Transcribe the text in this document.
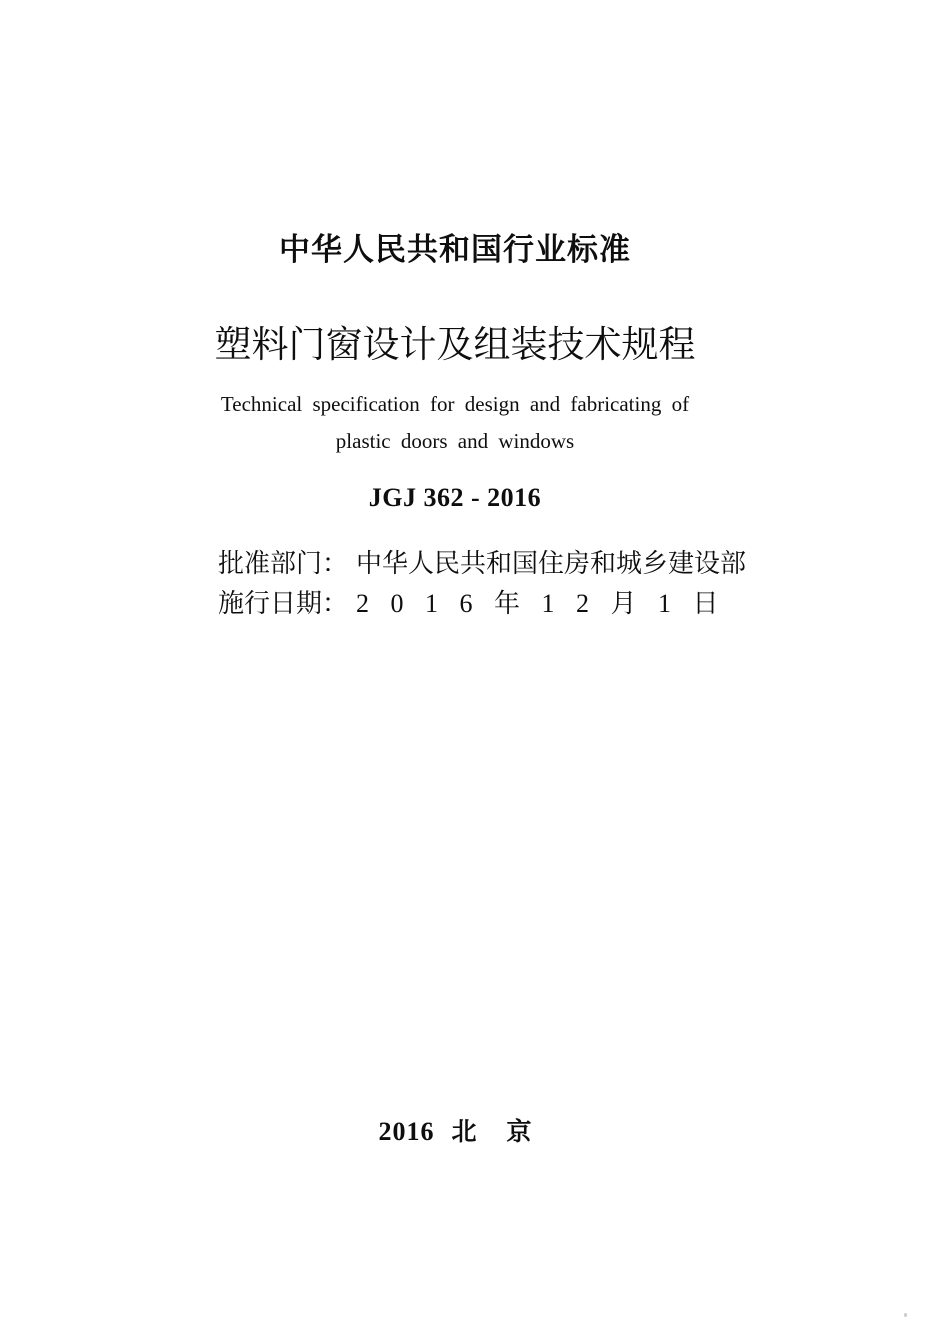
中华人民共和国行业标准
塑料门窗设计及组装技术规程
Technical specification for design and fabricating of
plastic doors and windows
JGJ 362 - 2016
批准部门： 中华人民共和国住房和城乡建设部
施行日期： 2 0 1 6 年 1 2 月 1 日
2016 北京
